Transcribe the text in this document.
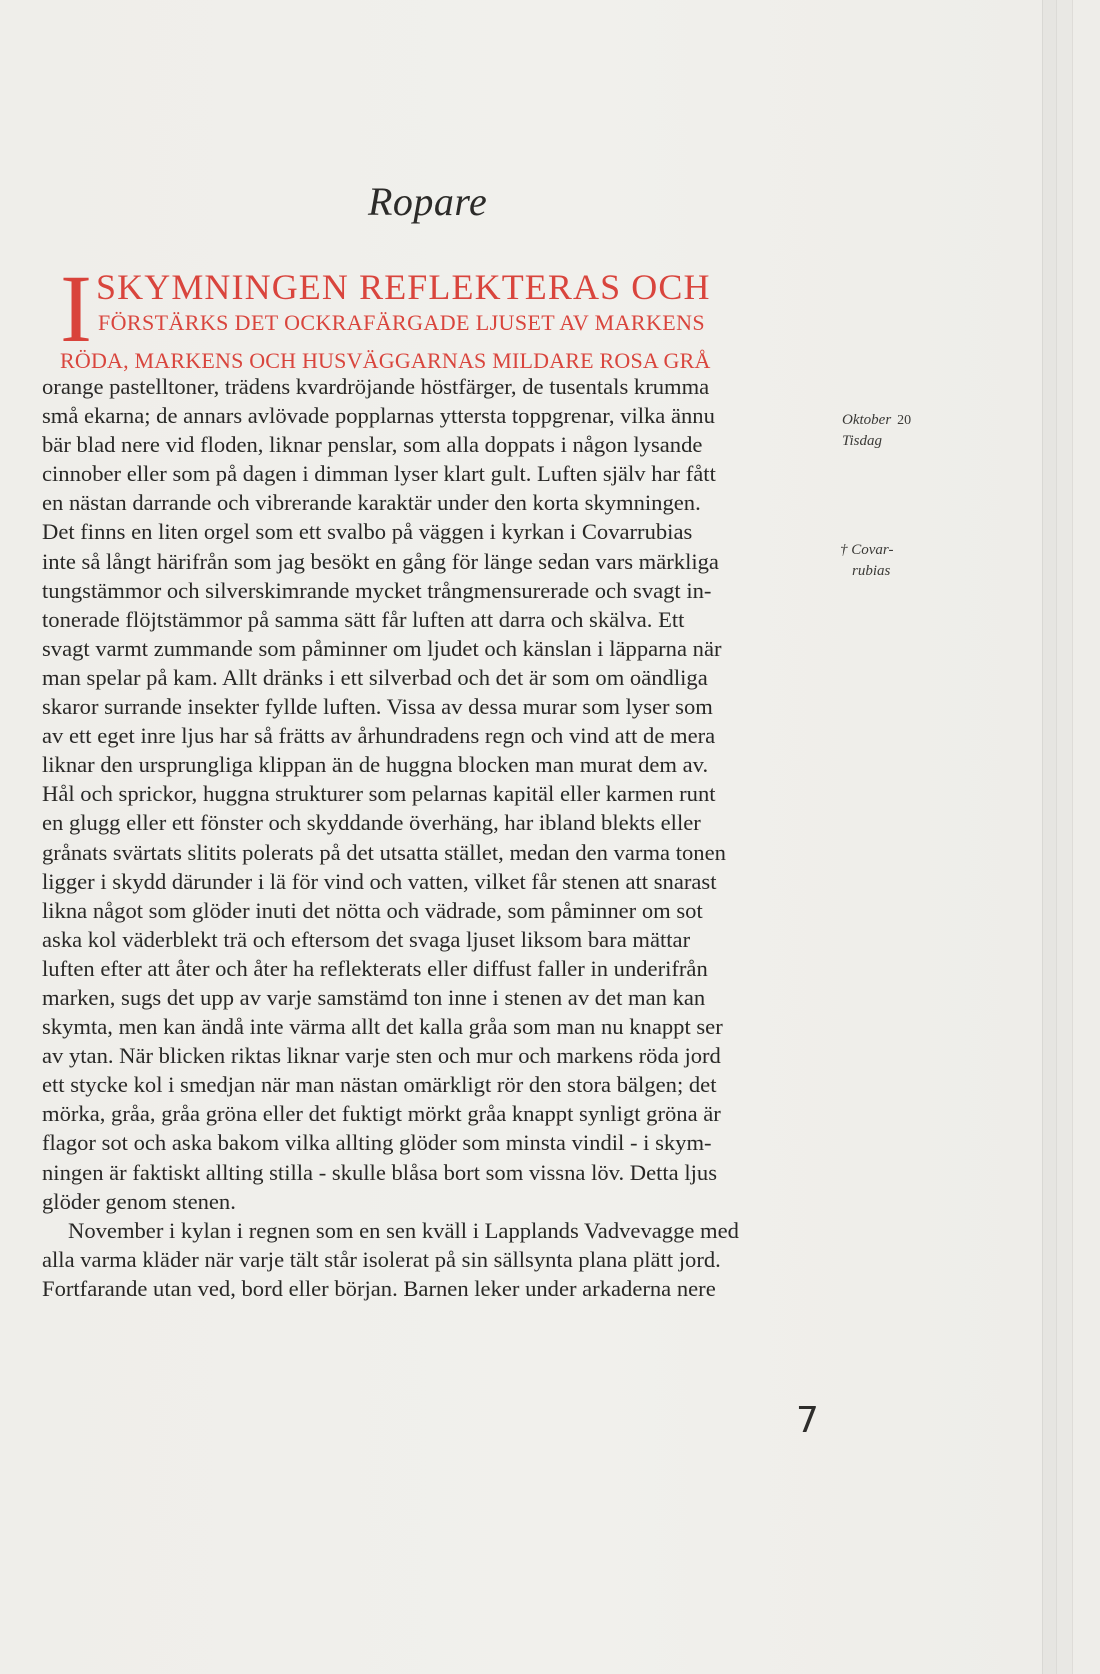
Ropare
I SKYMNINGEN REFLEKTERAS OCH
FÖRSTÄRKS DET OCKRAFÄRGADE LJUSET AV MARKENS
RÖDA, MARKENS OCH HUSVÄGGARNAS MILDARE ROSA GRÅ
orange pastelltoner, trädens kvardröjande höstfärger, de tusentals krumma
små ekarna; de annars avlövade popplarnas yttersta toppgrenar, vilka ännu
bär blad nere vid floden, liknar penslar, som alla doppats i någon lysande
cinnober eller som på dagen i dimman lyser klart gult. Luften själv har fått
en nästan darrande och vibrerande karaktär under den korta skymningen.
Det finns en liten orgel som ett svalbo på väggen i kyrkan i Covarrubias
inte så långt härifrån som jag besökt en gång för länge sedan vars märkliga
tungstämmor och silverskimrande mycket trångmensurerade och svagt in-
tonerade flöjtstämmor på samma sätt får luften att darra och skälva. Ett
svagt varmt zummande som påminner om ljudet och känslan i läpparna när
man spelar på kam. Allt dränks i ett silverbad och det är som om oändliga
skaror surrande insekter fyllde luften. Vissa av dessa murar som lyser som
av ett eget inre ljus har så frätts av århundradens regn och vind att de mera
liknar den ursprungliga klippan än de huggna blocken man murat dem av.
Hål och sprickor, huggna strukturer som pelarnas kapitäl eller karmen runt
en glugg eller ett fönster och skyddande överhäng, har ibland blekts eller
grånats svärtats slitits polerats på det utsatta stället, medan den varma tonen
ligger i skydd därunder i lä för vind och vatten, vilket får stenen att snarast
likna något som glöder inuti det nötta och vädrade, som påminner om sot
aska kol väderblekt trä och eftersom det svaga ljuset liksom bara mättar
luften efter att åter och åter ha reflekterats eller diffust faller in underifrån
marken, sugs det upp av varje samstämd ton inne i stenen av det man kan
skymta, men kan ändå inte värma allt det kalla gråa som man nu knappt ser
av ytan. När blicken riktas liknar varje sten och mur och markens röda jord
ett stycke kol i smedjan när man nästan omärkligt rör den stora bälgen; det
mörka, gråa, gråa gröna eller det fuktigt mörkt gråa knappt synligt gröna är
flagor sot och aska bakom vilka allting glöder som minsta vindil - i skym-
ningen är faktiskt allting stilla - skulle blåsa bort som vissna löv. Detta ljus
glöder genom stenen.
November i kylan i regnen som en sen kväll i Lapplands Vadvevagge med
alla varma kläder när varje tält står isolerat på sin sällsynta plana plätt jord.
Fortfarande utan ved, bord eller början. Barnen leker under arkaderna nere
Oktober 20
Tisdag
† Covar-
rubias
7
